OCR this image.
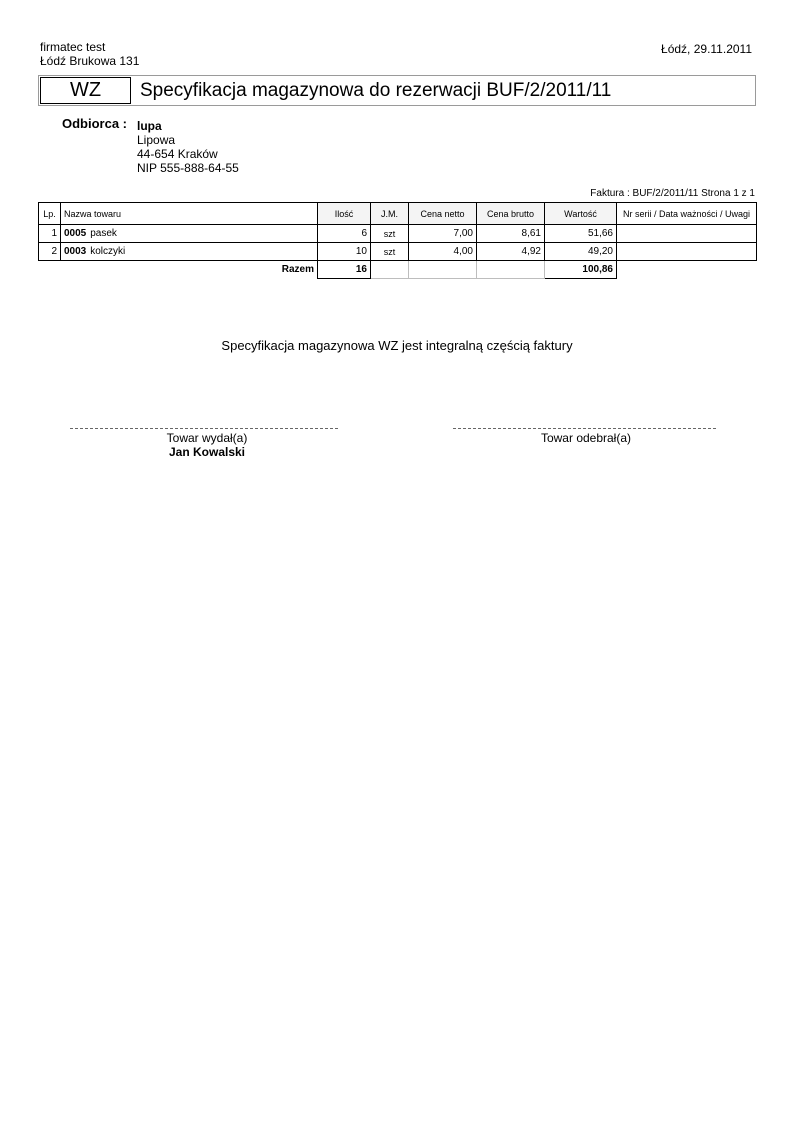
firmatec test
Łódź Brukowa 131
Łódź, 29.11.2011
WZ	Specyfikacja magazynowa do rezerwacji BUF/2/2011/11
Odbiorca : lupa
Lipowa
44-654 Kraków
NIP 555-888-64-55
Faktura : BUF/2/2011/11 Strona 1 z 1
Lp.	Nazwa towaru	Ilość	J.M.	Cena netto	Cena brutto	Wartość	Nr serii / Data ważności / Uwagi
1	0005 pasek	6	szt	7,00	8,61	51,66	
2	0003 kolczyki	10	szt	4,00	4,92	49,20	
	Razem	16				100,86	
Specyfikacja magazynowa WZ jest integralną częścią faktury
Towar wydał(a)
Jan Kowalski
Towar odebrał(a)
